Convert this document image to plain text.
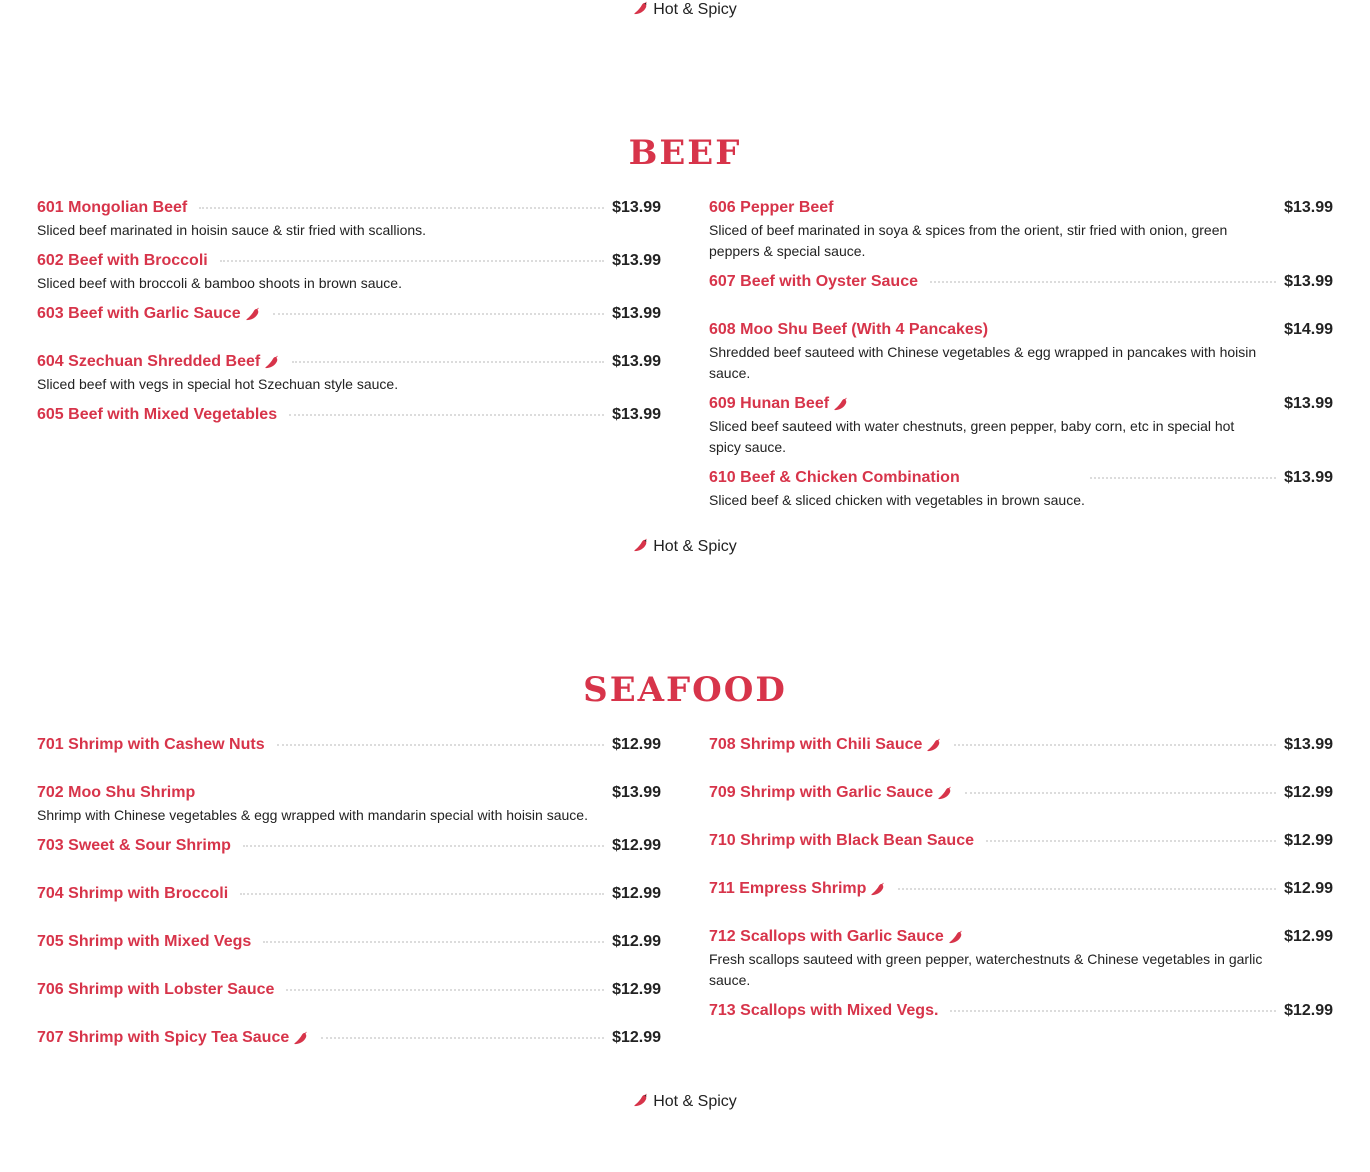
Hot & Spicy
BEEF
601 Mongolian Beef	$13.99
Sliced beef marinated in hoisin sauce & stir fried with scallions.
602 Beef with Broccoli	$13.99
Sliced beef with broccoli & bamboo shoots in brown sauce.
603 Beef with Garlic Sauce	$13.99
604 Szechuan Shredded Beef	$13.99
Sliced beef with vegs in special hot Szechuan style sauce.
605 Beef with Mixed Vegetables	$13.99
606 Pepper Beef	$13.99
Sliced of beef marinated in soya & spices from the orient, stir fried with onion, green peppers & special sauce.
607 Beef with Oyster Sauce	$13.99
608 Moo Shu Beef (With 4 Pancakes)	$14.99
Shredded beef sauteed with Chinese vegetables & egg wrapped in pancakes with hoisin sauce.
609 Hunan Beef	$13.99
Sliced beef sauteed with water chestnuts, green pepper, baby corn, etc in special hot spicy sauce.
610 Beef & Chicken Combination	$13.99
Sliced beef & sliced chicken with vegetables in brown sauce.
Hot & Spicy
SEAFOOD
701 Shrimp with Cashew Nuts	$12.99
702 Moo Shu Shrimp	$13.99
Shrimp with Chinese vegetables & egg wrapped with mandarin special with hoisin sauce.
703 Sweet & Sour Shrimp	$12.99
704 Shrimp with Broccoli	$12.99
705 Shrimp with Mixed Vegs	$12.99
706 Shrimp with Lobster Sauce	$12.99
707 Shrimp with Spicy Tea Sauce	$12.99
708 Shrimp with Chili Sauce	$13.99
709 Shrimp with Garlic Sauce	$12.99
710 Shrimp with Black Bean Sauce	$12.99
711 Empress Shrimp	$12.99
712 Scallops with Garlic Sauce	$12.99
Fresh scallops sauteed with green pepper, waterchestnuts & Chinese vegetables in garlic sauce.
713 Scallops with Mixed Vegs.	$12.99
Hot & Spicy
